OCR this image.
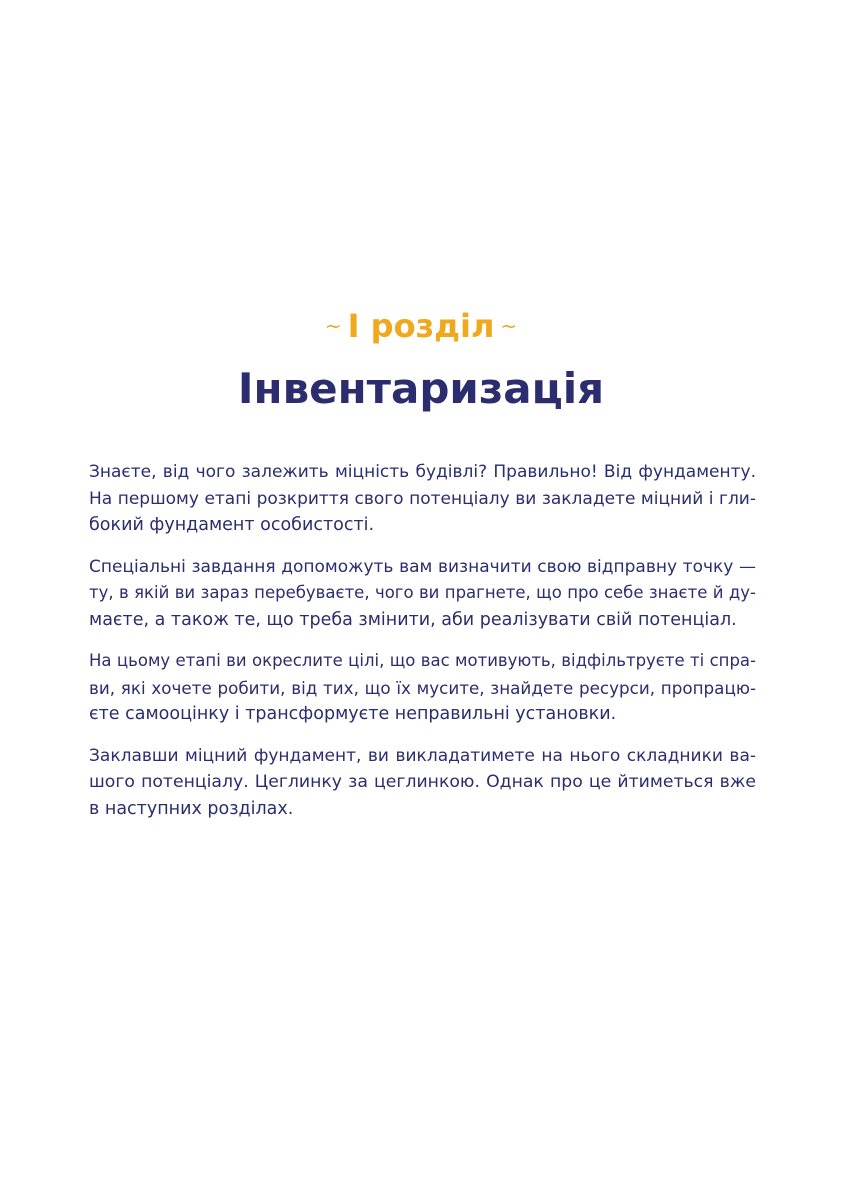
~ І розділ ~
Інвентаризація

Знаєте, від чого залежить міцність будівлі? Правильно! Від фундаменту.
На першому етапі розкриття свого потенціалу ви закладете міцний і гли-
бокий фундамент особистості.

Спеціальні завдання допоможуть вам визначити свою відправну точку —
ту, в якій ви зараз перебуваєте, чого ви прагнете, що про себе знаєте й ду-
маєте, а також те, що треба змінити, аби реалізувати свій потенціал.

На цьому етапі ви окреслите цілі, що вас мотивують, відфільтруєте ті спра-
ви, які хочете робити, від тих, що їх мусите, знайдете ресурси, пропрацю-
єте самооцінку і трансформуєте неправильні установки.

Заклавши міцний фундамент, ви викладатимете на нього складники ва-
шого потенціалу. Цеглинку за цеглинкою. Однак про це йтиметься вже
в наступних розділах.
